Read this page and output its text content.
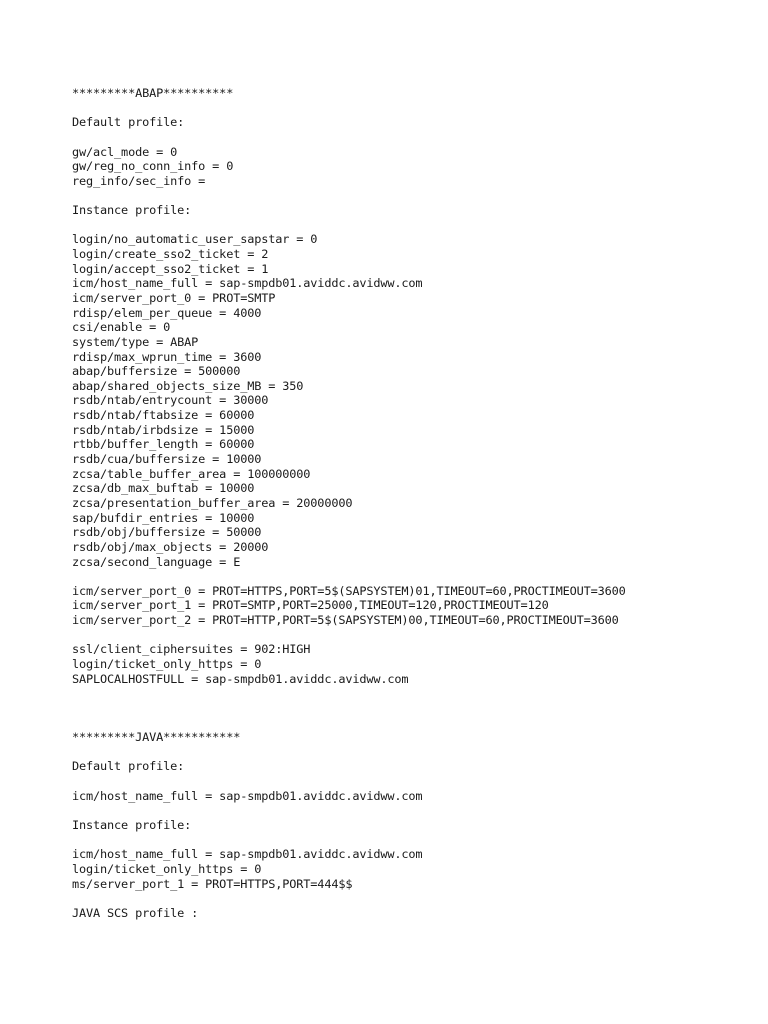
*********ABAP**********
Default profile:
gw/acl_mode = 0
gw/reg_no_conn_info = 0
reg_info/sec_info =
Instance profile:
login/no_automatic_user_sapstar = 0
login/create_sso2_ticket = 2
login/accept_sso2_ticket = 1
icm/host_name_full = sap-smpdb01.aviddc.avidww.com
icm/server_port_0 = PROT=SMTP
rdisp/elem_per_queue = 4000
csi/enable = 0
system/type = ABAP
rdisp/max_wprun_time = 3600
abap/buffersize = 500000
abap/shared_objects_size_MB = 350
rsdb/ntab/entrycount = 30000
rsdb/ntab/ftabsize = 60000
rsdb/ntab/irbdsize = 15000
rtbb/buffer_length = 60000
rsdb/cua/buffersize = 10000
zcsa/table_buffer_area = 100000000
zcsa/db_max_buftab = 10000
zcsa/presentation_buffer_area = 20000000
sap/bufdir_entries = 10000
rsdb/obj/buffersize = 50000
rsdb/obj/max_objects = 20000
zcsa/second_language = E
icm/server_port_0 = PROT=HTTPS,PORT=5$(SAPSYSTEM)01,TIMEOUT=60,PROCTIMEOUT=3600
icm/server_port_1 = PROT=SMTP,PORT=25000,TIMEOUT=120,PROCTIMEOUT=120
icm/server_port_2 = PROT=HTTP,PORT=5$(SAPSYSTEM)00,TIMEOUT=60,PROCTIMEOUT=3600
ssl/client_ciphersuites = 902:HIGH
login/ticket_only_https = 0
SAPLOCALHOSTFULL = sap-smpdb01.aviddc.avidww.com
*********JAVA***********
Default profile:
icm/host_name_full = sap-smpdb01.aviddc.avidww.com
Instance profile:
icm/host_name_full = sap-smpdb01.aviddc.avidww.com
login/ticket_only_https = 0
ms/server_port_1 = PROT=HTTPS,PORT=444$$
JAVA SCS profile :
